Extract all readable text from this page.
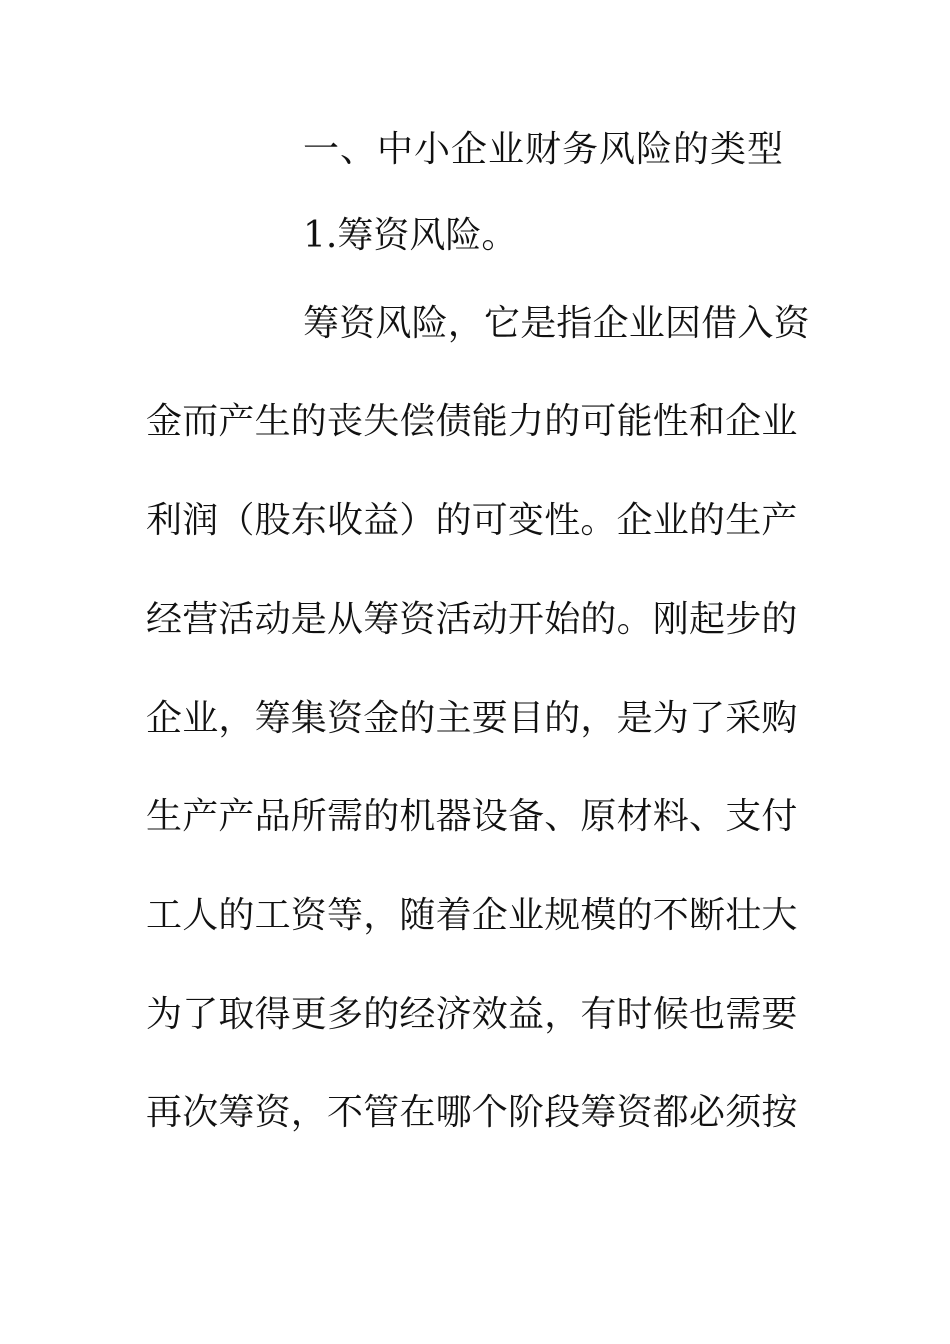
一、中小企业财务风险的类型
1.筹资风险。
筹资风险，它是指企业因借入资
金而产生的丧失偿债能力的可能性和企业
利润（股东收益）的可变性。企业的生产
经营活动是从筹资活动开始的。刚起步的
企业，筹集资金的主要目的，是为了采购
生产产品所需的机器设备、原材料、支付
工人的工资等，随着企业规模的不断壮大
为了取得更多的经济效益，有时候也需要
再次筹资，不管在哪个阶段筹资都必须按
